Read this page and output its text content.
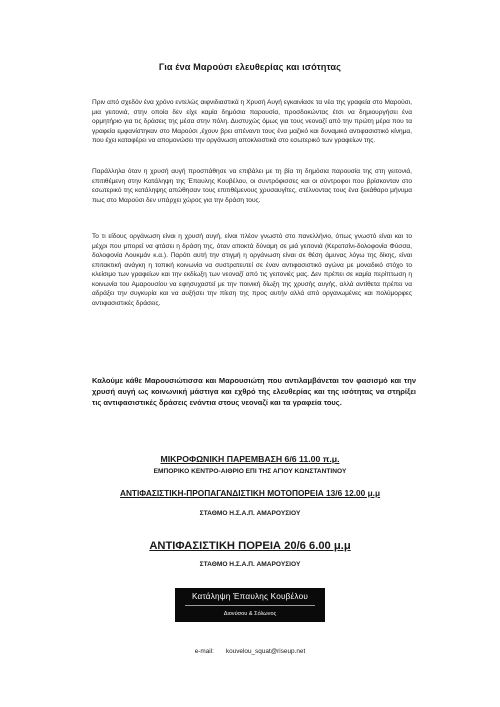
Για ένα Μαρούσι ελευθερίας και ισότητας
Πριν από σχεδόν ένα χρόνο εντελώς αιφνιδιαστικά η Χρυσή Αυγή εγκαινίασε τα νέα της γραφεία στο Μαρούσι, μια γειτονιά, στην οποία δεν είχε καμία δημόσια παρουσία, προσδοκώντας έτσι να δημιουργήσει ένα ορμητήριο για τις δράσεις της μέσα στην πόλη. Δυστυχώς όμως για τους νεοναζί από την πρώτη μέρα που τα γραφεία εμφανίστηκαν στο Μαρούσι ,έχουν βρει απέναντι τους ένα μαζικό και δυναμικό αντιφασιστικό κίνημα, που έχει καταφέρει να απομονώσει την οργάνωση αποκλειστικά στο εσωτερικό των γραφείων της.
Παράλληλα όταν η χρυσή αυγή προσπάθησε να επιβάλει με τη βία τη δημόσια παρουσία της στη γειτονιά, επιτιθέμενη στην Κατάληψη της Έπαυλης Κουβέλου, οι συντρόφισσες και οι σύντροφοι που βρίσκονταν στο εσωτερικό της κατάληψης απώθησαν τους επιτιθέμενους χρυσαυγίτες, στέλνοντας τους ένα ξεκάθαρο μήνυμα πως στο Μαρούσι δεν υπάρχει χώρος για την δράση τους.
Το τι είδους οργάνωση είναι η χρυσή αυγή, είναι πλέον γνωστό στο πανελλήνιο, όπως γνωστό είναι και το μέχρι που μπορεί να φτάσει η δράση της, όταν αποκτά δύναμη σε μιά γειτονιά (Κερατσίνι-δολοφονία Φύσσα, δολοφονία Λουκμάν κ.α.). Παρότι αυτή την στιγμή η οργάνωση είναι σε θέση άμυνας λόγω της δίκης, είναι επιτακτική ανάγκη η τοπική κοινωνία να συστρατευτεί σε έναν αντιφασιστικό αγώνα με μοναδικό στόχο το κλείσιμο των γραφείων και την εκδίωξη των νεοναζί από τις γειτονιές μας. Δεν πρέπει σε καμία περίπτωση η κοινωνία του Αμαρουσίου να εφησυχαστεί με την ποινική δίωξη της χρυσής αυγής, αλλά αντίθετα πρέπει να αδράξει την συγκυρία και να αυξήσει την πίεση της προς αυτήν αλλά από οργανωμένες και πολύμορφες αντιφασιστικές δράσεις.
Καλούμε κάθε Μαρουσιώτισσα και Μαρουσιώτη που αντιλαμβάνεται τον φασισμό και την χρυσή αυγή ως κοινωνική μάστιγα και εχθρό της ελευθερίας και της ισότητας να στηρίξει τις αντιφασιστικές δράσεις ενάντια στους νεοναζί και τα γραφεία τους.
ΜΙΚΡΟΦΩΝΙΚΗ ΠΑΡΕΜΒΑΣΗ 6/6 11.00 π.μ.
ΕΜΠΟΡΙΚΟ ΚΕΝΤΡΟ-ΑΙΘΡΙΟ ΕΠΙ ΤΗΣ ΑΓΙΟΥ ΚΩΝΣΤΑΝΤΙΝΟΥ
ΑΝΤΙΦΑΣΙΣΤΙΚΗ-ΠΡΟΠΑΓΑΝΔΙΣΤΙΚΗ ΜΟΤΟΠΟΡΕΙΑ 13/6 12.00 μ.μ
ΣΤΑΘΜΟ Η.Σ.Α.Π. ΑΜΑΡΟΥΣΙΟΥ
ΑΝΤΙΦΑΣΙΣΤΙΚΗ ΠΟΡΕΙΑ 20/6 6.00 μ.μ
ΣΤΑΘΜΟ Η.Σ.Α.Π. ΑΜΑΡΟΥΣΙΟΥ
Κατάληψη Έπαυλης Κουβέλου
Διονύσου & Σόλωνος
e-mail: kouvelou_squat@riseup.net
